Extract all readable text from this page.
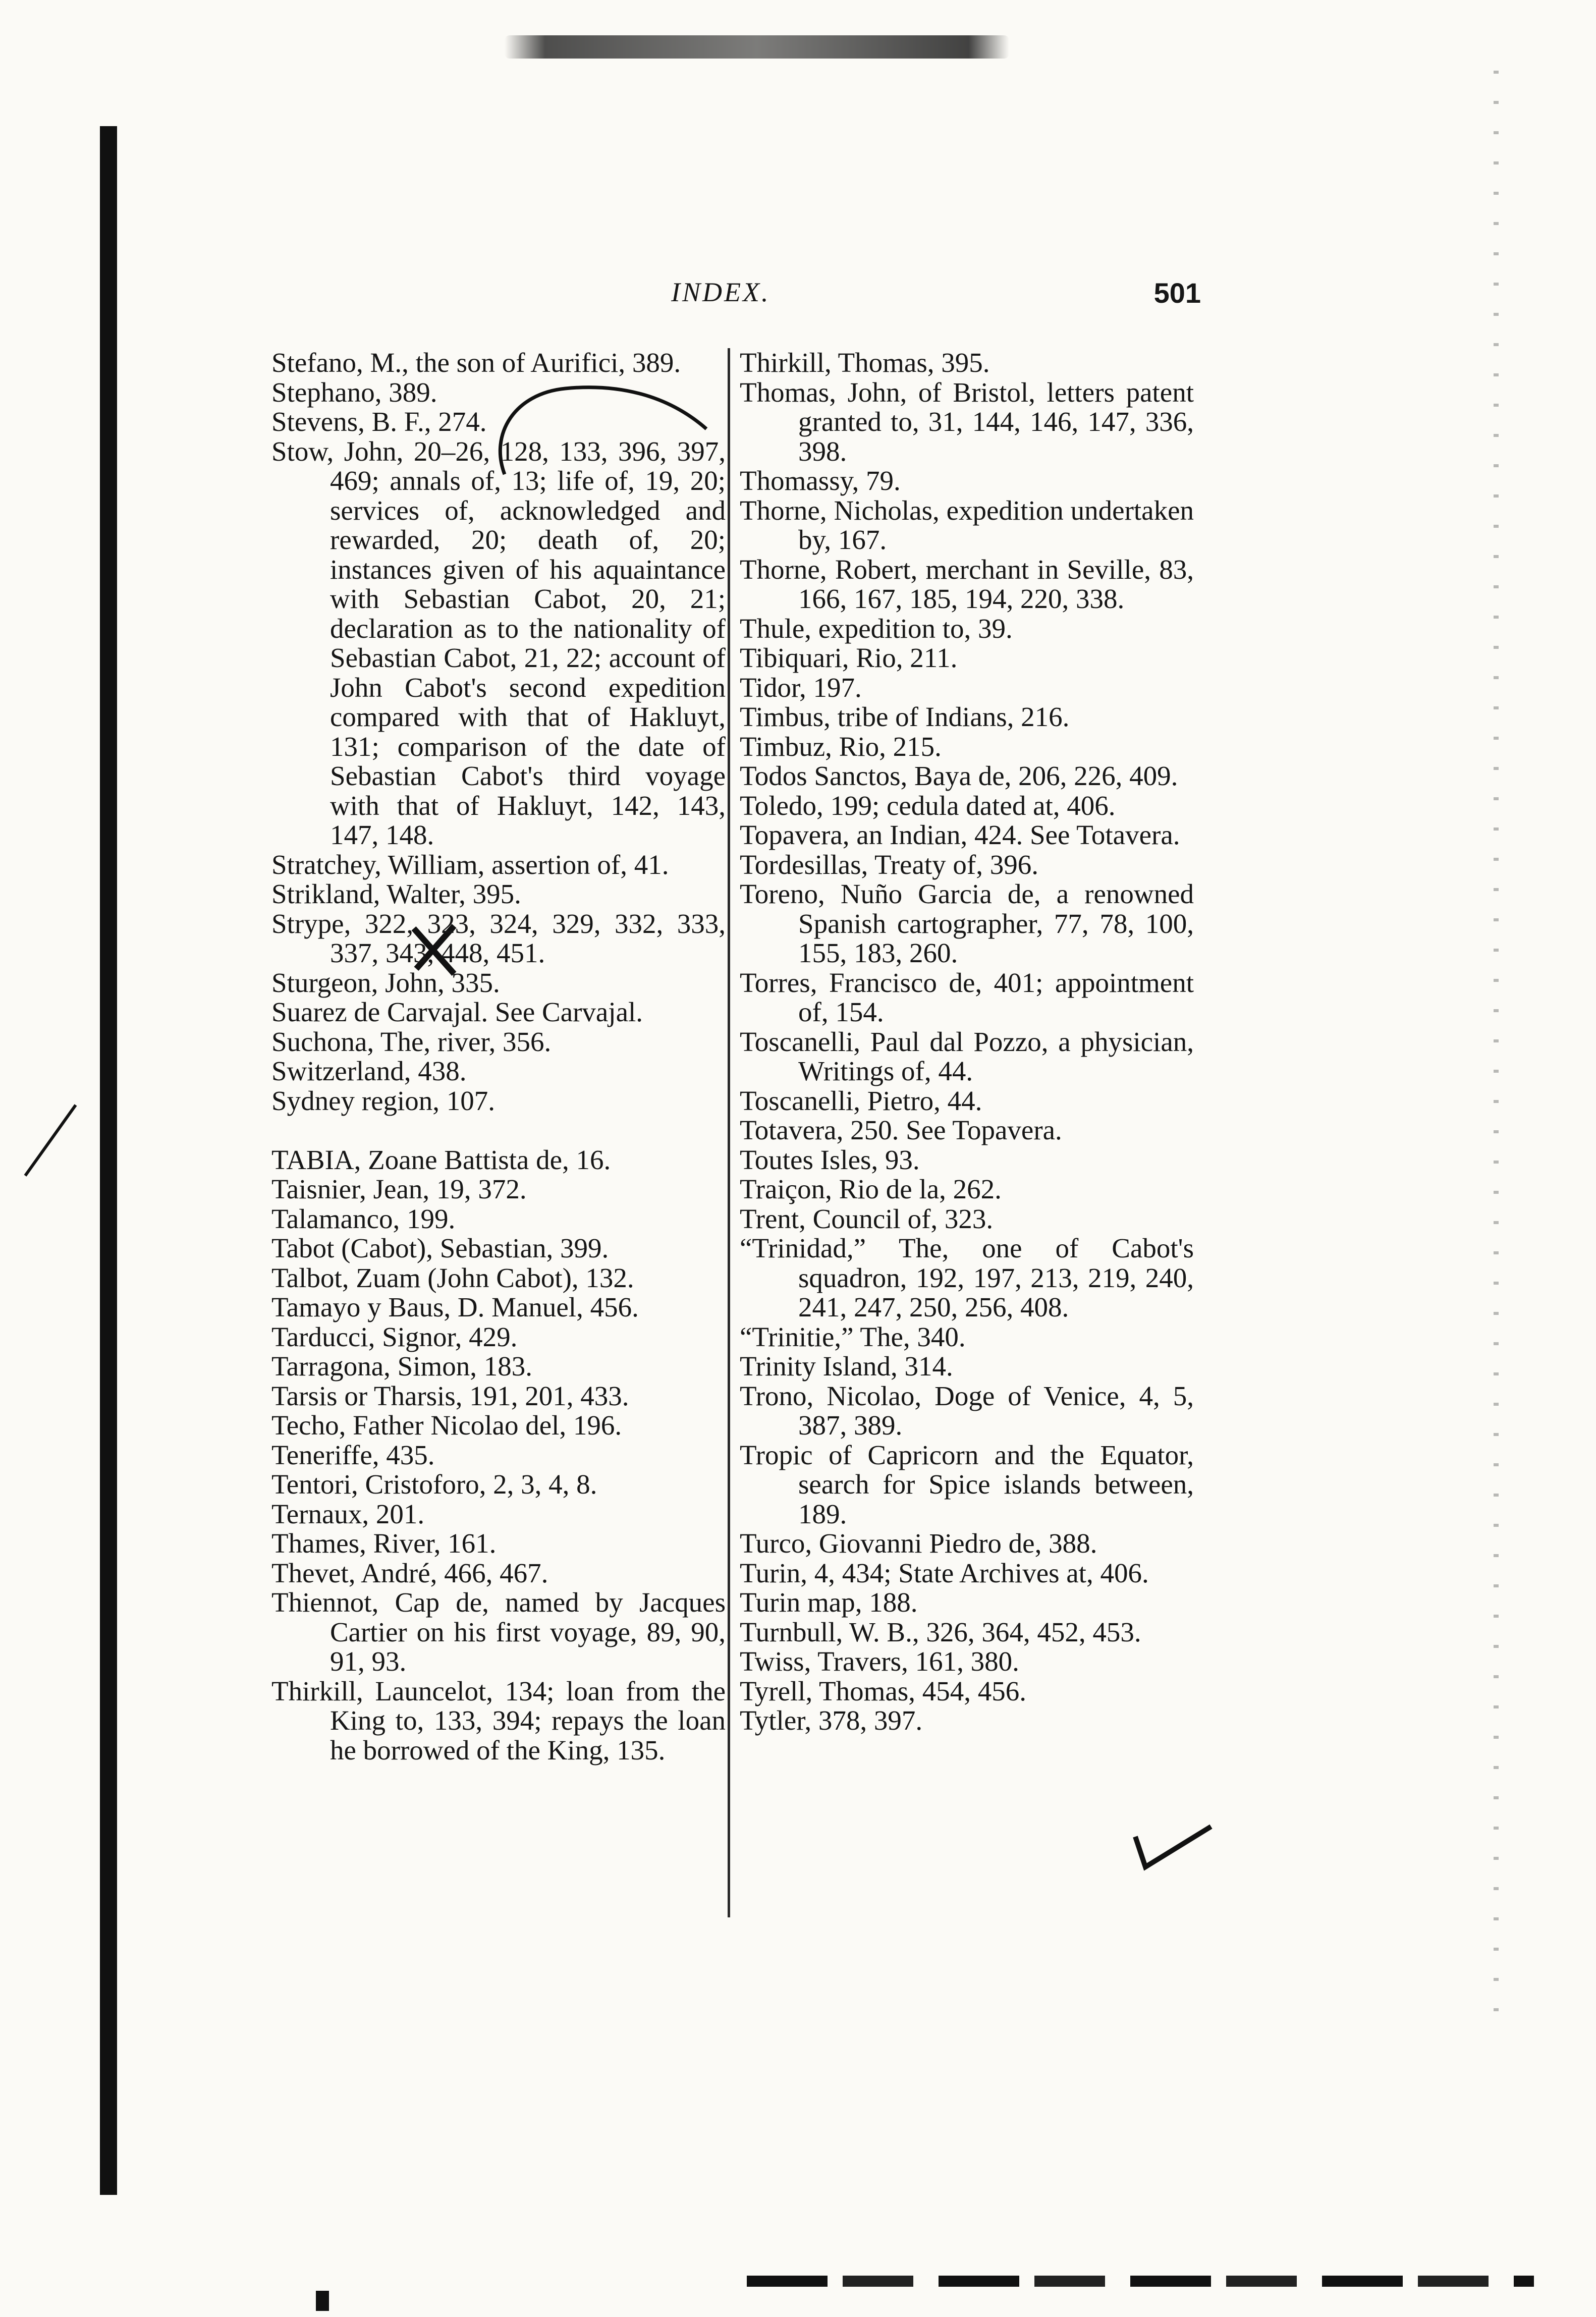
INDEX.	501
Stefano, M., the son of Aurifici, 389.
Stephano, 389.
Stevens, B. F., 274.
Stow, John, 20–26, 128, 133, 396, 397, 469; annals of, 13; life of, 19, 20; services of, acknowledged and rewarded, 20; death of, 20; instances given of his aquaintance with Sebastian Cabot, 20, 21; declaration as to the nationality of Sebastian Cabot, 21, 22; account of John Cabot's second expedition compared with that of Hakluyt, 131; comparison of the date of Sebastian Cabot's third voyage with that of Hakluyt, 142, 143, 147, 148.
Stratchey, William, assertion of, 41.
Strikland, Walter, 395.
Strype, 322, 323, 324, 329, 332, 333, 337, 343, 448, 451.
Sturgeon, John, 335.
Suarez de Carvajal. See Carvajal.
Suchona, The, river, 356.
Switzerland, 438.
Sydney region, 107.
TABIA, Zoane Battista de, 16.
Taisnier, Jean, 19, 372.
Talamanco, 199.
Tabot (Cabot), Sebastian, 399.
Talbot, Zuam (John Cabot), 132.
Tamayo y Baus, D. Manuel, 456.
Tarducci, Signor, 429.
Tarragona, Simon, 183.
Tarsis or Tharsis, 191, 201, 433.
Techo, Father Nicolao del, 196.
Teneriffe, 435.
Tentori, Cristoforo, 2, 3, 4, 8.
Ternaux, 201.
Thames, River, 161.
Thevet, André, 466, 467.
Thiennot, Cap de, named by Jacques Cartier on his first voyage, 89, 90, 91, 93.
Thirkill, Launcelot, 134; loan from the King to, 133, 394; repays the loan he borrowed of the King, 135.
Thirkill, Thomas, 395.
Thomas, John, of Bristol, letters patent granted to, 31, 144, 146, 147, 336, 398.
Thomassy, 79.
Thorne, Nicholas, expedition undertaken by, 167.
Thorne, Robert, merchant in Seville, 83, 166, 167, 185, 194, 220, 338.
Thule, expedition to, 39.
Tibiquari, Rio, 211.
Tidor, 197.
Timbus, tribe of Indians, 216.
Timbuz, Rio, 215.
Todos Sanctos, Baya de, 206, 226, 409.
Toledo, 199; cedula dated at, 406.
Topavera, an Indian, 424. See Totavera.
Tordesillas, Treaty of, 396.
Toreno, Nuño Garcia de, a renowned Spanish cartographer, 77, 78, 100, 155, 183, 260.
Torres, Francisco de, 401; appointment of, 154.
Toscanelli, Paul dal Pozzo, a physician, Writings of, 44.
Toscanelli, Pietro, 44.
Totavera, 250. See Topavera.
Toutes Isles, 93.
Traiçon, Rio de la, 262.
Trent, Council of, 323.
“Trinidad,” The, one of Cabot's squadron, 192, 197, 213, 219, 240, 241, 247, 250, 256, 408.
“Trinitie,” The, 340.
Trinity Island, 314.
Trono, Nicolao, Doge of Venice, 4, 5, 387, 389.
Tropic of Capricorn and the Equator, search for Spice islands between, 189.
Turco, Giovanni Piedro de, 388.
Turin, 4, 434; State Archives at, 406.
Turin map, 188.
Turnbull, W. B., 326, 364, 452, 453.
Twiss, Travers, 161, 380.
Tyrell, Thomas, 454, 456.
Tytler, 378, 397.
